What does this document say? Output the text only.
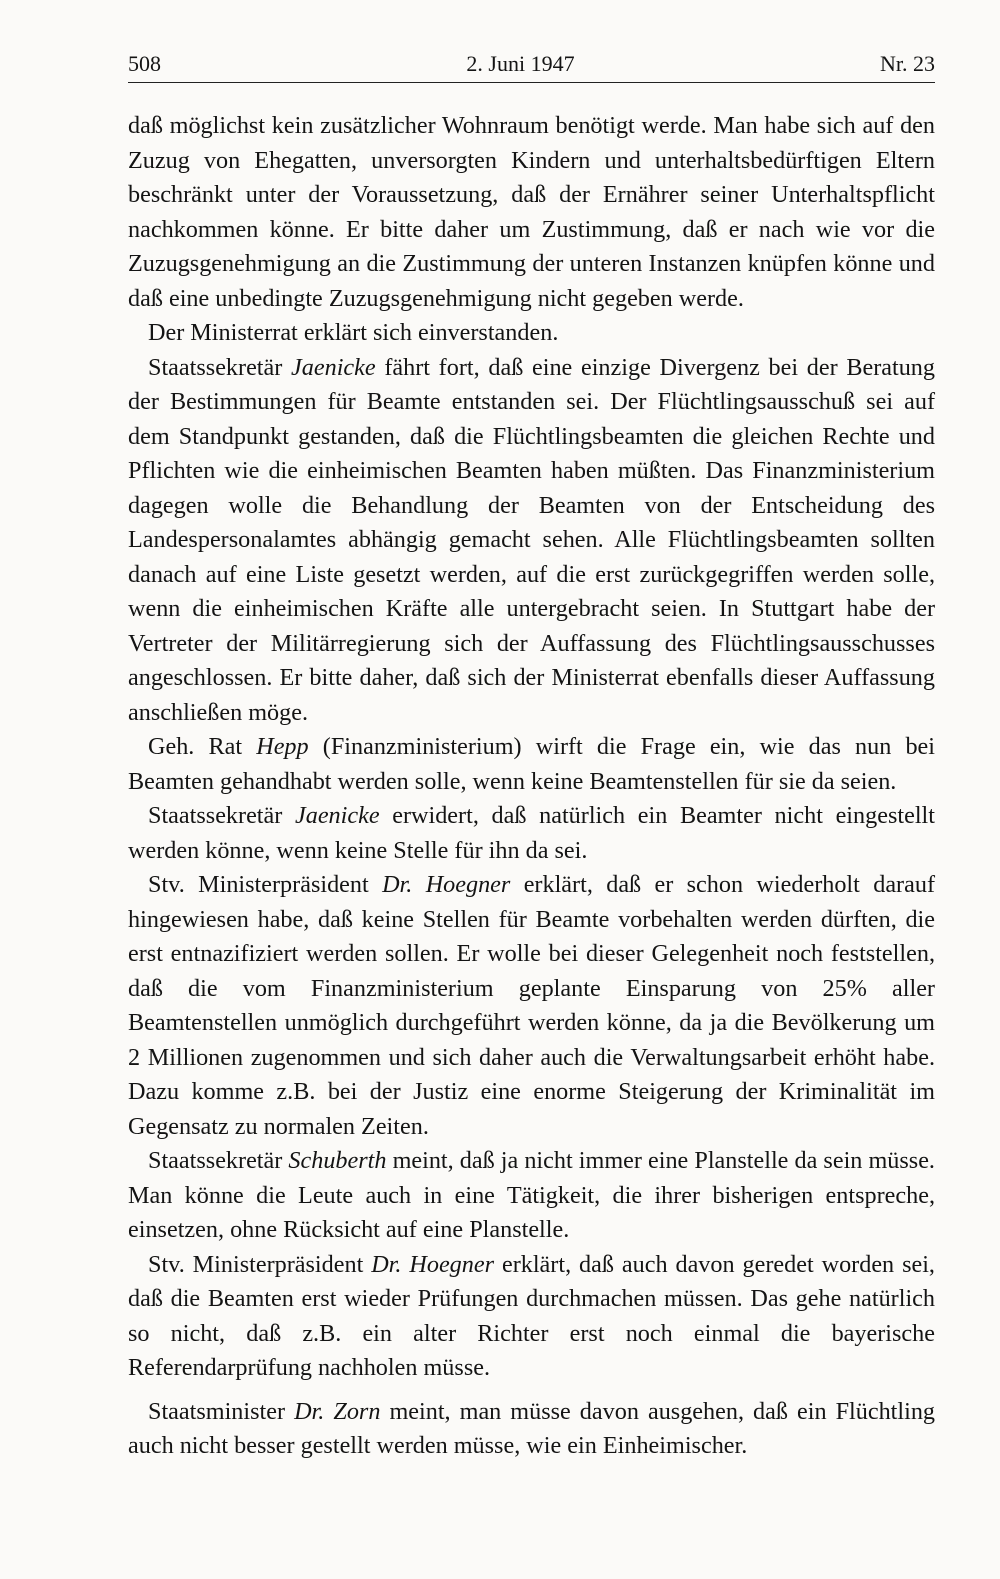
508	2. Juni 1947	Nr. 23

daß möglichst kein zusätzlicher Wohnraum benötigt werde. Man habe sich auf den Zuzug von Ehegatten, unversorgten Kindern und unterhaltsbedürftigen Eltern beschränkt unter der Voraussetzung, daß der Ernährer seiner Unterhaltspflicht nachkommen könne. Er bitte daher um Zustimmung, daß er nach wie vor die Zuzugsgenehmigung an die Zustimmung der unteren Instanzen knüpfen könne und daß eine unbedingte Zuzugsgenehmigung nicht gegeben werde.

Der Ministerrat erklärt sich einverstanden.

Staatssekretär Jaenicke fährt fort, daß eine einzige Divergenz bei der Beratung der Bestimmungen für Beamte entstanden sei. Der Flüchtlingsausschuß sei auf dem Standpunkt gestanden, daß die Flüchtlingsbeamten die gleichen Rechte und Pflichten wie die einheimischen Beamten haben müßten. Das Finanzministerium dagegen wolle die Behandlung der Beamten von der Entscheidung des Landespersonalamtes abhängig gemacht sehen. Alle Flüchtlingsbeamten sollten danach auf eine Liste gesetzt werden, auf die erst zurückgegriffen werden solle, wenn die einheimischen Kräfte alle untergebracht seien. In Stuttgart habe der Vertreter der Militärregierung sich der Auffassung des Flüchtlingsausschusses angeschlossen. Er bitte daher, daß sich der Ministerrat ebenfalls dieser Auffassung anschließen möge.

Geh. Rat Hepp (Finanzministerium) wirft die Frage ein, wie das nun bei Beamten gehandhabt werden solle, wenn keine Beamtenstellen für sie da seien.

Staatssekretär Jaenicke erwidert, daß natürlich ein Beamter nicht eingestellt werden könne, wenn keine Stelle für ihn da sei.

Stv. Ministerpräsident Dr. Hoegner erklärt, daß er schon wiederholt darauf hingewiesen habe, daß keine Stellen für Beamte vorbehalten werden dürften, die erst entnazifiziert werden sollen. Er wolle bei dieser Gelegenheit noch feststellen, daß die vom Finanzministerium geplante Einsparung von 25% aller Beamtenstellen unmöglich durchgeführt werden könne, da ja die Bevölkerung um 2 Millionen zugenommen und sich daher auch die Verwaltungsarbeit erhöht habe. Dazu komme z.B. bei der Justiz eine enorme Steigerung der Kriminalität im Gegensatz zu normalen Zeiten.

Staatssekretär Schuberth meint, daß ja nicht immer eine Planstelle da sein müsse. Man könne die Leute auch in eine Tätigkeit, die ihrer bisherigen entspreche, einsetzen, ohne Rücksicht auf eine Planstelle.

Stv. Ministerpräsident Dr. Hoegner erklärt, daß auch davon geredet worden sei, daß die Beamten erst wieder Prüfungen durchmachen müssen. Das gehe natürlich so nicht, daß z.B. ein alter Richter erst noch einmal die bayerische Referendarprüfung nachholen müsse.

Staatsminister Dr. Zorn meint, man müsse davon ausgehen, daß ein Flüchtling auch nicht besser gestellt werden müsse, wie ein Einheimischer.
